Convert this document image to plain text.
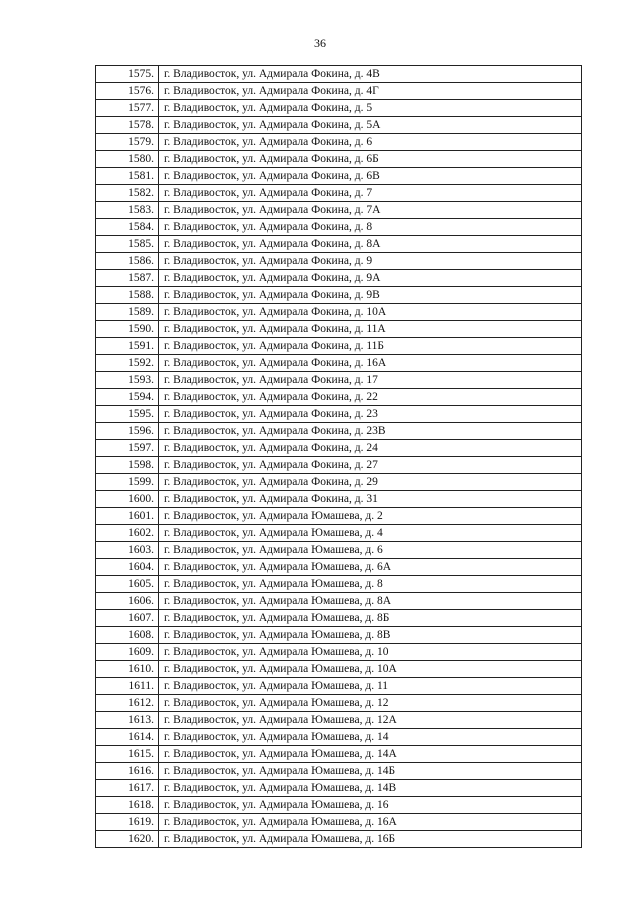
36
1575.	г. Владивосток, ул. Адмирала Фокина, д. 4В
1576.	г. Владивосток, ул. Адмирала Фокина, д. 4Г
1577.	г. Владивосток, ул. Адмирала Фокина, д. 5
1578.	г. Владивосток, ул. Адмирала Фокина, д. 5А
1579.	г. Владивосток, ул. Адмирала Фокина, д. 6
1580.	г. Владивосток, ул. Адмирала Фокина, д. 6Б
1581.	г. Владивосток, ул. Адмирала Фокина, д. 6В
1582.	г. Владивосток, ул. Адмирала Фокина, д. 7
1583.	г. Владивосток, ул. Адмирала Фокина, д. 7А
1584.	г. Владивосток, ул. Адмирала Фокина, д. 8
1585.	г. Владивосток, ул. Адмирала Фокина, д. 8А
1586.	г. Владивосток, ул. Адмирала Фокина, д. 9
1587.	г. Владивосток, ул. Адмирала Фокина, д. 9А
1588.	г. Владивосток, ул. Адмирала Фокина, д. 9В
1589.	г. Владивосток, ул. Адмирала Фокина, д. 10А
1590.	г. Владивосток, ул. Адмирала Фокина, д. 11А
1591.	г. Владивосток, ул. Адмирала Фокина, д. 11Б
1592.	г. Владивосток, ул. Адмирала Фокина, д. 16А
1593.	г. Владивосток, ул. Адмирала Фокина, д. 17
1594.	г. Владивосток, ул. Адмирала Фокина, д. 22
1595.	г. Владивосток, ул. Адмирала Фокина, д. 23
1596.	г. Владивосток, ул. Адмирала Фокина, д. 23В
1597.	г. Владивосток, ул. Адмирала Фокина, д. 24
1598.	г. Владивосток, ул. Адмирала Фокина, д. 27
1599.	г. Владивосток, ул. Адмирала Фокина, д. 29
1600.	г. Владивосток, ул. Адмирала Фокина, д. 31
1601.	г. Владивосток, ул. Адмирала Юмашева, д. 2
1602.	г. Владивосток, ул. Адмирала Юмашева, д. 4
1603.	г. Владивосток, ул. Адмирала Юмашева, д. 6
1604.	г. Владивосток, ул. Адмирала Юмашева, д. 6А
1605.	г. Владивосток, ул. Адмирала Юмашева, д. 8
1606.	г. Владивосток, ул. Адмирала Юмашева, д. 8А
1607.	г. Владивосток, ул. Адмирала Юмашева, д. 8Б
1608.	г. Владивосток, ул. Адмирала Юмашева, д. 8В
1609.	г. Владивосток, ул. Адмирала Юмашева, д. 10
1610.	г. Владивосток, ул. Адмирала Юмашева, д. 10А
1611.	г. Владивосток, ул. Адмирала Юмашева, д. 11
1612.	г. Владивосток, ул. Адмирала Юмашева, д. 12
1613.	г. Владивосток, ул. Адмирала Юмашева, д. 12А
1614.	г. Владивосток, ул. Адмирала Юмашева, д. 14
1615.	г. Владивосток, ул. Адмирала Юмашева, д. 14А
1616.	г. Владивосток, ул. Адмирала Юмашева, д. 14Б
1617.	г. Владивосток, ул. Адмирала Юмашева, д. 14В
1618.	г. Владивосток, ул. Адмирала Юмашева, д. 16
1619.	г. Владивосток, ул. Адмирала Юмашева, д. 16А
1620.	г. Владивосток, ул. Адмирала Юмашева, д. 16Б
